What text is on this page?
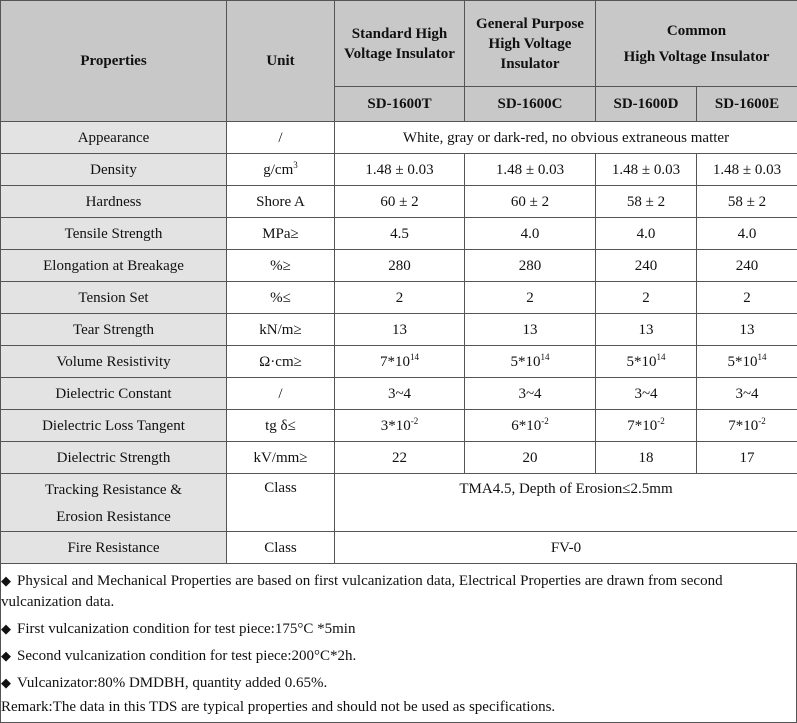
Properties	Unit	Standard High Voltage Insulator	General Purpose High Voltage Insulator	Common
High Voltage Insulator	

		SD-1600T	SD-1600C	SD-1600D	SD-1600E
Appearance	/	White, gray or dark-red, no obvious extraneous matter			
Density	$g/cm^3$	1.48 ± 0.03	1.48 ± 0.03	1.48 ± 0.03	1.48 ± 0.03
Hardness	Shore A	60 ± 2	60 ± 2	58 ± 2	58 ± 2
Tensile Strength	MPa≥	4.5	4.0	4.0	4.0
Elongation at Breakage	%≥	280	280	240	240
Tension Set	%≤	2	2	2	2
Tear Strength	kN/m≥	13	13	13	13
Volume Resistivity	Ω·cm≥	$7*10^{14}$	$5*10^{14}$	$5*10^{14}$	$5*10^{14}$
Dielectric Constant	/	3~4	3~4	3~4	3~4
Dielectric Loss Tangent	tg δ≤	$3*10^{-2}$	$6*10^{-2}$	$7*10^{-2}$	$7*10^{-2}$
Dielectric Strength	kV/mm≥	22	20	18	17

Tracking Resistance &
Erosion Resistance	Class	TMA4.5, Depth of Erosion≤2.5mm			
Fire Resistance	Class	FV-0			
◆ Physical and Mechanical Properties are based on first vulcanization data, Electrical Properties are drawn from second vulcanization data.
◆ First vulcanization condition for test piece:175°C *5min
◆ Second vulcanization condition for test piece:200°C*2h.
◆ Vulcanizator:80% DMDBH, quantity added 0.65%.
Remark:The data in this TDS are typical properties and should not be used as specifications.
